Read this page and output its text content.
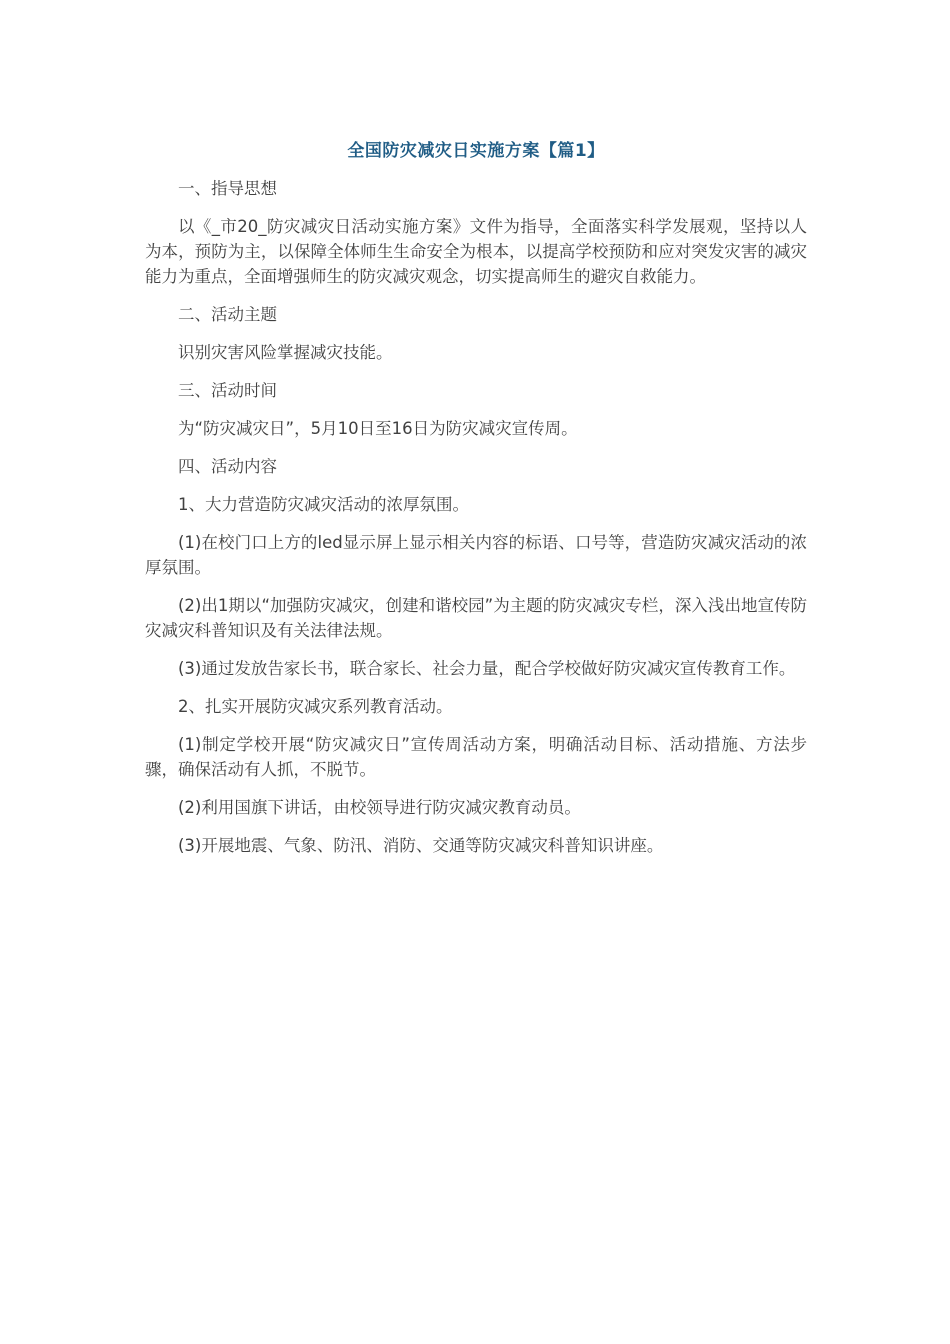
全国防灾减灾日实施方案【篇1】

一、指导思想

以《_市20_防灾减灾日活动实施方案》文件为指导，全面落实科学发展观，坚持以人为本，预防为主，以保障全体师生生命安全为根本，以提高学校预防和应对突发灾害的减灾能力为重点，全面增强师生的防灾减灾观念，切实提高师生的避灾自救能力。

二、活动主题

识别灾害风险掌握减灾技能。

三、活动时间

为“防灾减灾日”，5月10日至16日为防灾减灾宣传周。

四、活动内容

1、大力营造防灾减灾活动的浓厚氛围。

(1)在校门口上方的led显示屏上显示相关内容的标语、口号等，营造防灾减灾活动的浓厚氛围。

(2)出1期以“加强防灾减灾，创建和谐校园”为主题的防灾减灾专栏，深入浅出地宣传防灾减灾科普知识及有关法律法规。

(3)通过发放告家长书，联合家长、社会力量，配合学校做好防灾减灾宣传教育工作。

2、扎实开展防灾减灾系列教育活动。

(1)制定学校开展“防灾减灾日”宣传周活动方案，明确活动目标、活动措施、方法步骤，确保活动有人抓，不脱节。

(2)利用国旗下讲话，由校领导进行防灾减灾教育动员。

(3)开展地震、气象、防汛、消防、交通等防灾减灾科普知识讲座。
